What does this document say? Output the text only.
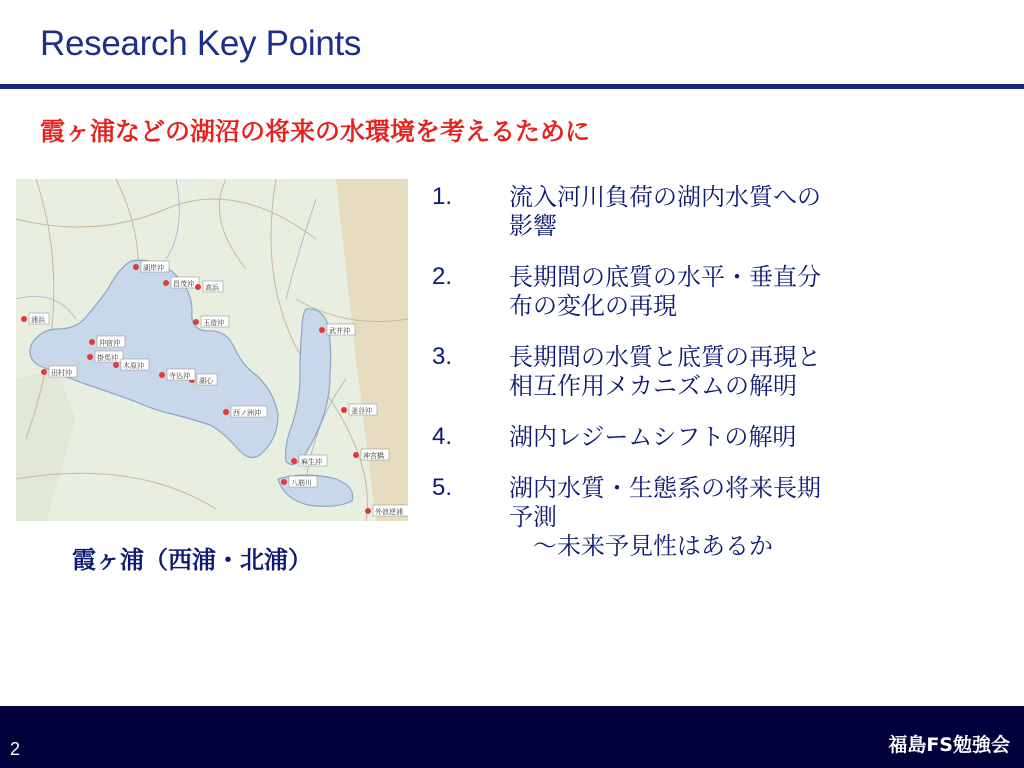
Research Key Points
霞ヶ浦などの湖沼の将来の水環境を考えるために
湖岸沖
昌茂沖
玉造沖
田村沖
沖宿沖
掛馬沖
木原沖
湖心
寺込沖
西ノ洲沖	釜谷沖
武井沖
麻生沖
八筋川
神宮橋
外浪逆浦
浦浜
高浜
霞ヶ浦（西浦・北浦）
1. 流入河川負荷の湖内水質への
影響
2. 長期間の底質の水平・垂直分
布の変化の再現
3. 長期間の水質と底質の再現と
相互作用メカニズムの解明
4. 湖内レジームシフトの解明
5. 湖内水質・生態系の将来長期
予測
　〜未来予見性はあるか
2	福島FS勉強会
